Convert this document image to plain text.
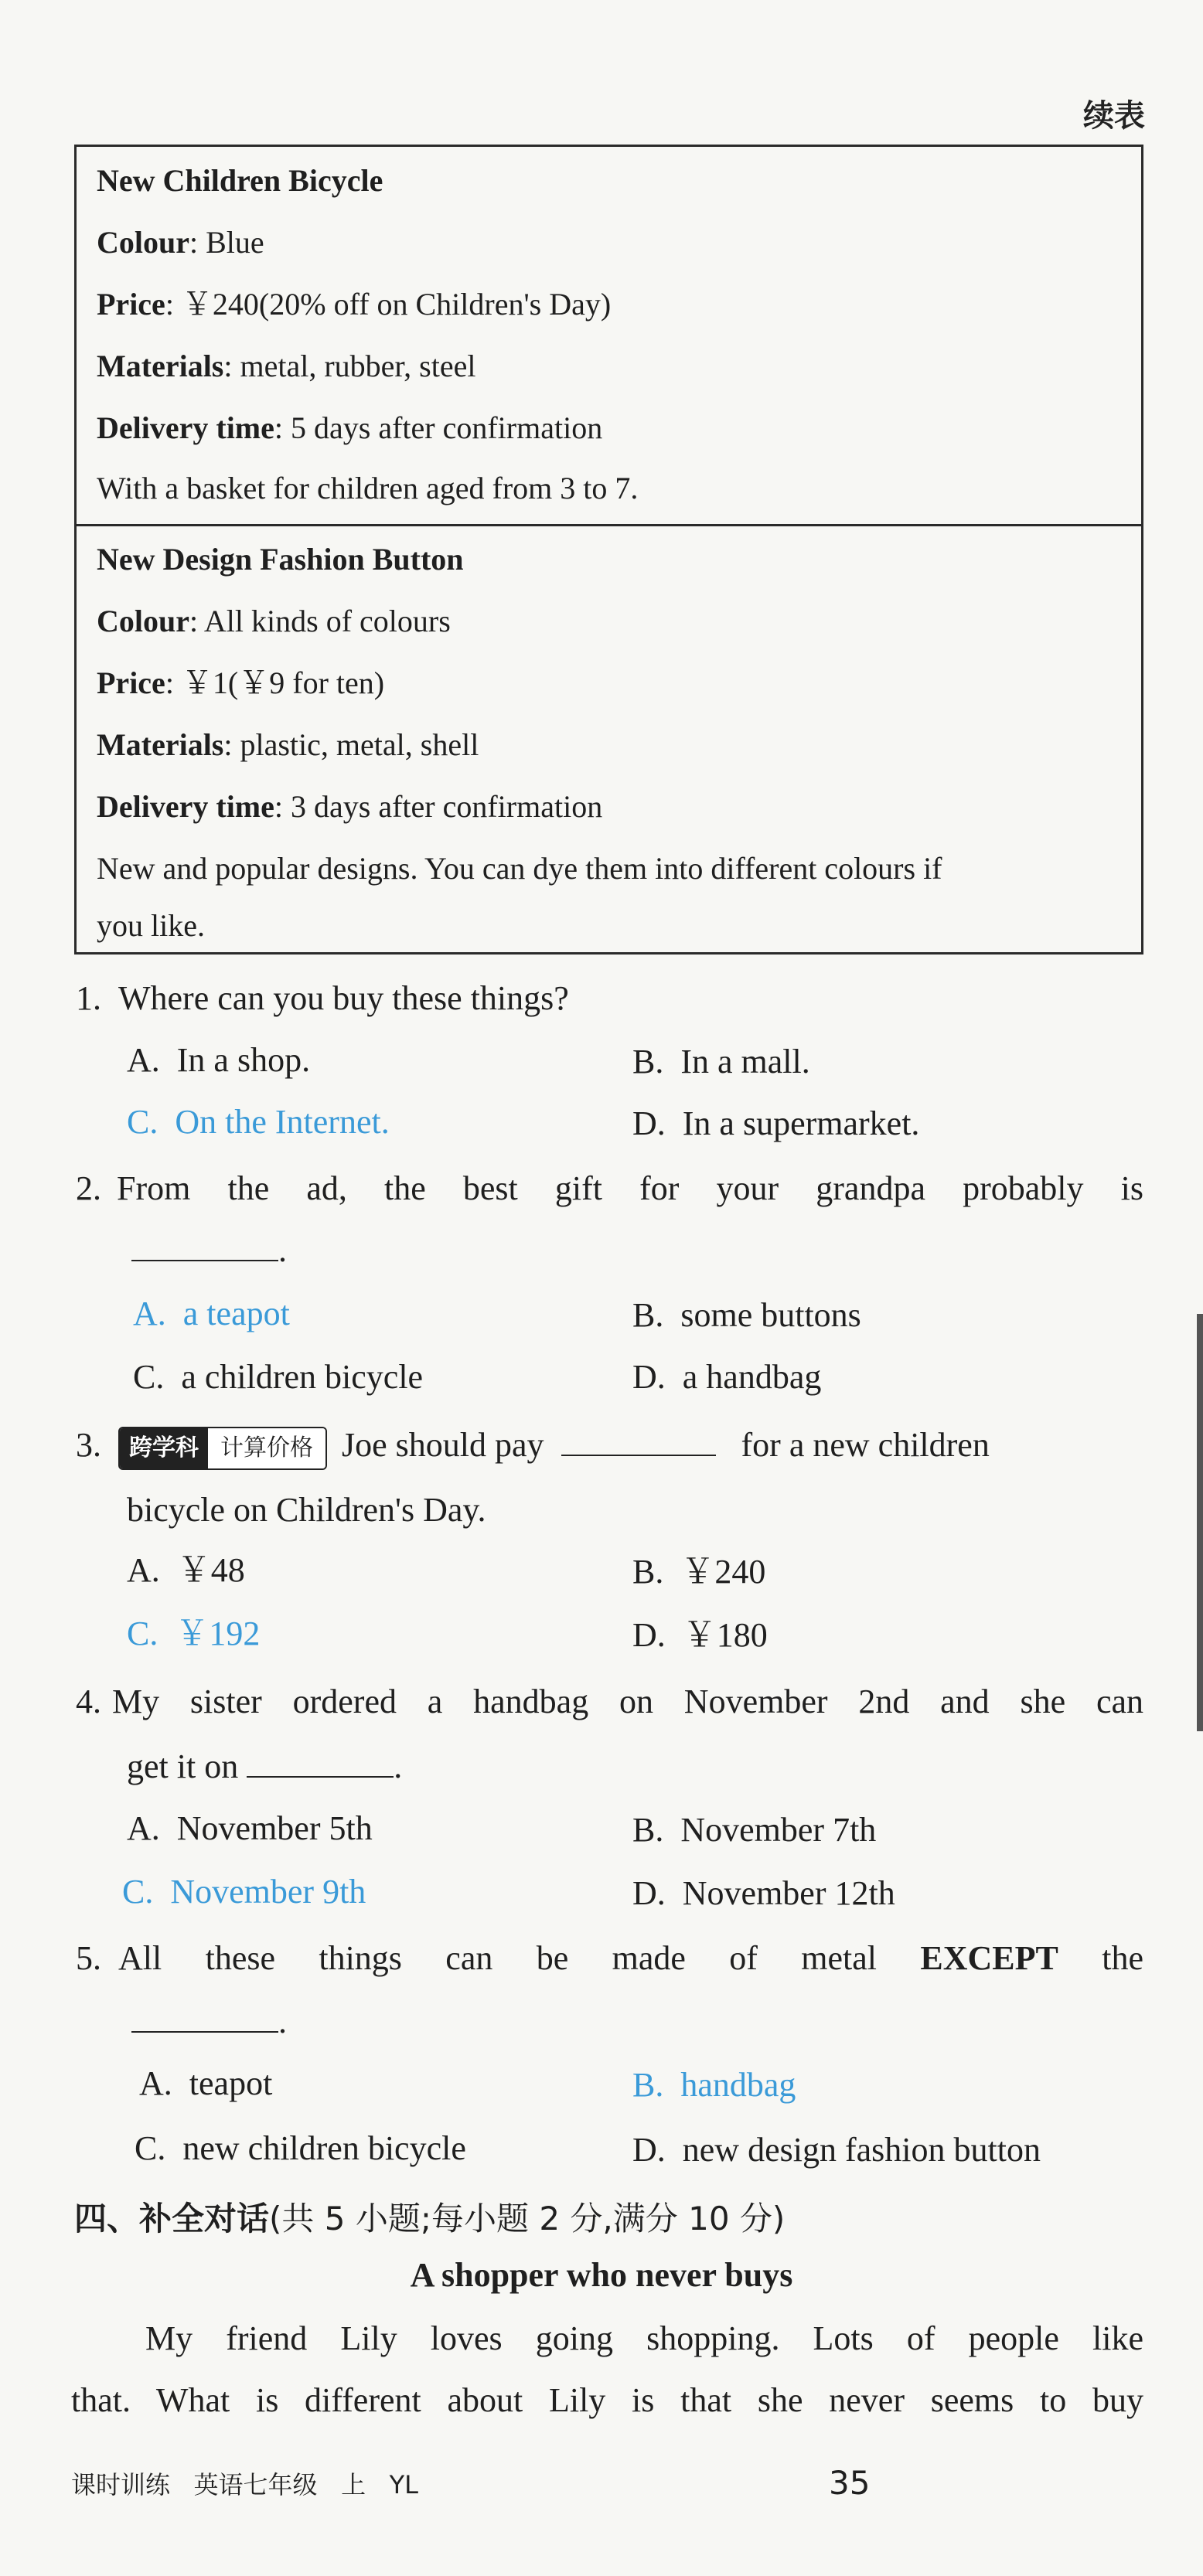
续表
New Children Bicycle
Colour: Blue
Price: ￥240(20% off on Children's Day)
Materials: metal, rubber, steel
Delivery time: 5 days after confirmation
With a basket for children aged from 3 to 7.
New Design Fashion Button
Colour: All kinds of colours
Price: ￥1(￥9 for ten)
Materials: plastic, metal, shell
Delivery time: 3 days after confirmation
New and popular designs. You can dye them into different colours if
you like.
1. Where can you buy these things?
A. In a shop.	B. In a mall.
C. On the Internet.	D. In a supermarket.
2. From the ad, the best gift for your grandpa probably is
.
A. a teapot	B. some buttons
C. a children bicycle	D. a handbag
3.	跨学科 计算价格 Joe should pay	for a new children
bicycle on Children's Day.
A. ￥48	B. ￥240
C. ￥192	D. ￥180
4. My sister ordered a handbag on November 2nd and she can
get it on	.
A. November 5th	B. November 7th
C. November 9th	D. November 12th
5. All these things can be made of metal EXCEPT the
.
A. teapot	B. handbag
C. new children bicycle	D. new design fashion button
四、补全对话(共 5 小题;每小题 2 分,满分 10 分)
A shopper who never buys
My friend Lily loves going shopping. Lots of people like
that. What is different about Lily is that she never seems to buy
课时训练 英语七年级 上 YL	35
